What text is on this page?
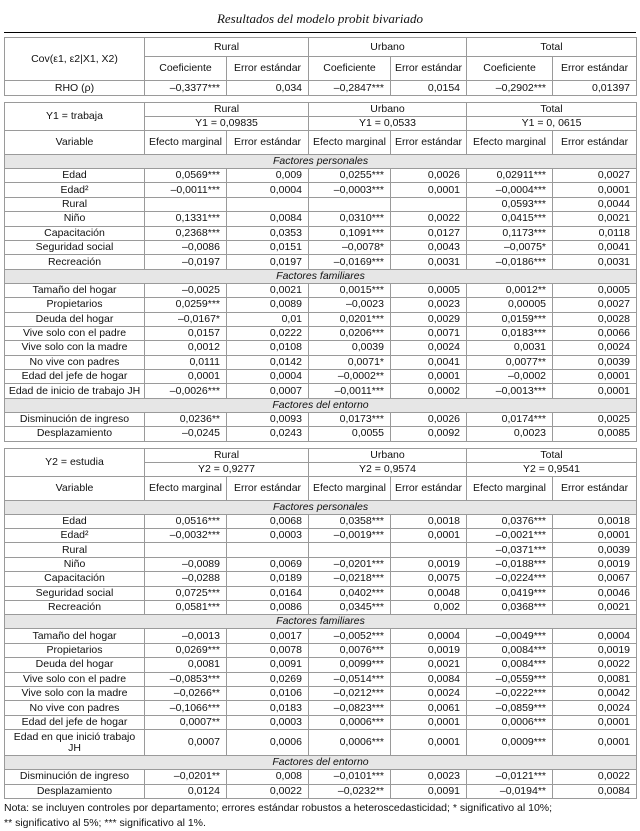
Resultados del modelo probit bivariado
Cov(ε1, ε2|X1, X2)	Rural		Urbano		Total	
	Coeficiente	Error estándar	Coeficiente	Error estándar	Coeficiente	Error estándar
RHO (ρ)	–0,3377***	0,034	–0,2847***	0,0154	–0,2902***	0,01397
Y1 = trabaja	Rural		Urbano		Total	
	Y1 = 0,09835		Y1 = 0,0533		Y1 = 0, 0615	
Variable	Efecto marginal	Error estándar	Efecto marginal	Error estándar	Efecto marginal	Error estándar
Factores personales						
Edad	0,0569***	0,009	0,0255***	0,0026	0,02911***	0,0027
Edad²	–0,0011***	0,0004	–0,0003***	0,0001	–0,0004***	0,0001
Rural					0,0593***	0,0044
Niño	0,1331***	0,0084	0,0310***	0,0022	0,0415***	0,0021
Capacitación	0,2368***	0,0353	0,1091***	0,0127	0,1173***	0,0118
Seguridad social	–0,0086	0,0151	–0,0078*	0,0043	–0,0075*	0,0041
Recreación	–0,0197	0,0197	–0,0169***	0,0031	–0,0186***	0,0031
Factores familiares						
Tamaño del hogar	–0,0025	0,0021	0,0015***	0,0005	0,0012**	0,0005
Propietarios	0,0259***	0,0089	–0,0023	0,0023	0,00005	0,0027
Deuda del hogar	–0,0167*	0,01	0,0201***	0,0029	0,0159***	0,0028
Vive solo con el padre	0,0157	0,0222	0,0206***	0,0071	0,0183***	0,0066
Vive solo con la madre	0,0012	0,0108	0,0039	0,0024	0,0031	0,0024
No vive con padres	0,0111	0,0142	0,0071*	0,0041	0,0077**	0,0039
Edad del jefe de hogar	0,0001	0,0004	–0,0002**	0,0001	–0,0002	0,0001
Edad de inicio de trabajo JH	–0,0026***	0,0007	–0,0011***	0,0002	–0,0013***	0,0001
Factores del entorno						
Disminución de ingreso	0,0236**	0,0093	0,0173***	0,0026	0,0174***	0,0025
Desplazamiento	–0,0245	0,0243	0,0055	0,0092	0,0023	0,0085
Y2 = estudia	Rural		Urbano		Total	
	Y2 = 0,9277		Y2 = 0,9574		Y2 = 0,9541	
Variable	Efecto marginal	Error estándar	Efecto marginal	Error estándar	Efecto marginal	Error estándar
Factores personales						
Edad	0,0516***	0,0068	0,0358***	0,0018	0,0376***	0,0018
Edad²	–0,0032***	0,0003	–0,0019***	0,0001	–0,0021***	0,0001
Rural					–0,0371***	0,0039
Niño	–0,0089	0,0069	–0,0201***	0,0019	–0,0188***	0,0019
Capacitación	–0,0288	0,0189	–0,0218***	0,0075	–0,0224***	0,0067
Seguridad social	0,0725***	0,0164	0,0402***	0,0048	0,0419***	0,0046
Recreación	0,0581***	0,0086	0,0345***	0,002	0,0368***	0,0021
Factores familiares						
Tamaño del hogar	–0,0013	0,0017	–0,0052***	0,0004	–0,0049***	0,0004
Propietarios	0,0269***	0,0078	0,0076***	0,0019	0,0084***	0,0019
Deuda del hogar	0,0081	0,0091	0,0099***	0,0021	0,0084***	0,0022
Vive solo con el padre	–0,0853***	0,0269	–0,0514***	0,0084	–0,0559***	0,0081
Vive solo con la madre	–0,0266**	0,0106	–0,0212***	0,0024	–0,0222***	0,0042
No vive con padres	–0,1066***	0,0183	–0,0823***	0,0061	–0,0859***	0,0024
Edad del jefe de hogar	0,0007**	0,0003	0,0006***	0,0001	0,0006***	0,0001
Edad en que inició trabajo JH	0,0007	0,0006	0,0006***	0,0001	0,0009***	0,0001
Factores del entorno						
Disminución de ingreso	–0,0201**	0,008	–0,0101***	0,0023	–0,0121***	0,0022
Desplazamiento	0,0124	0,0022	–0,0232**	0,0091	–0,0194**	0,0084
Nota: se incluyen controles por departamento; errores estándar robustos a heteroscedasticidad; * significativo al 10%;
** significativo al 5%; *** significativo al 1%.
